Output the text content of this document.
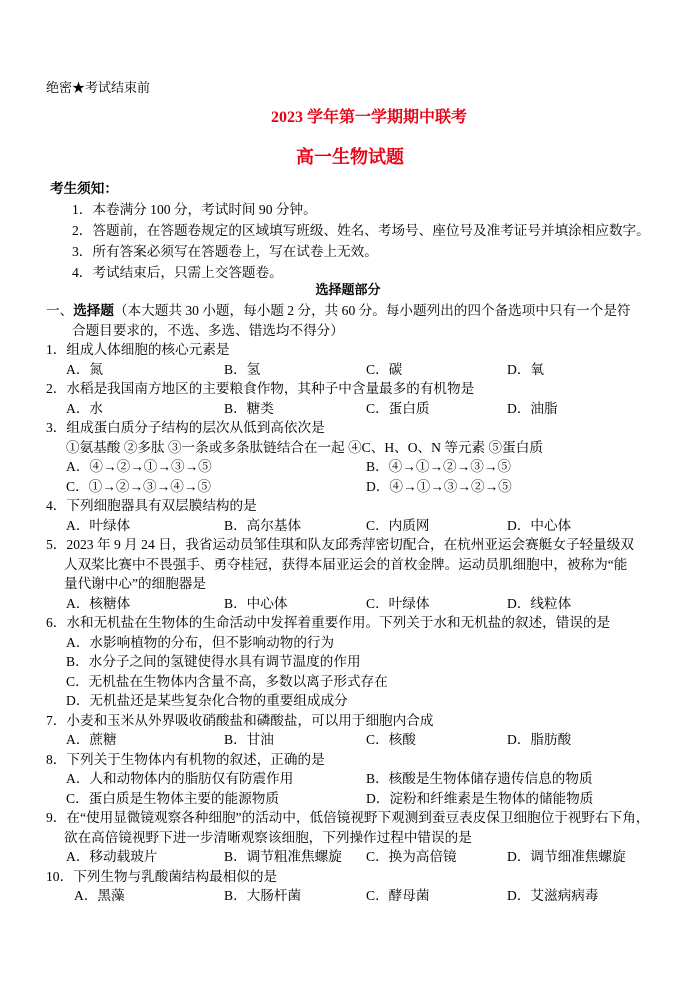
绝密★考试结束前
2023 学年第一学期期中联考
高一生物试题
考生须知：
1．本卷满分 100 分，考试时间 90 分钟。
2．答题前，在答题卷规定的区域填写班级、姓名、考场号、座位号及准考证号并填涂相应数字。
3．所有答案必须写在答题卷上，写在试卷上无效。
4．考试结束后，只需上交答题卷。
选择题部分
一、选择题（本大题共 30 小题，每小题 2 分，共 60 分。每小题列出的四个备选项中只有一个是符
合题目要求的，不选、多选、错选均不得分）
1．组成人体细胞的核心元素是
A．氮	B．氢	C．碳	D．氧
2．水稻是我国南方地区的主要粮食作物，其种子中含量最多的有机物是
A．水	B．糖类	C．蛋白质	D．油脂
3．组成蛋白质分子结构的层次从低到高依次是
①氨基酸 ②多肽 ③一条或多条肽链结合在一起 ④C、H、O、N 等元素 ⑤蛋白质
A．④→②→①→③→⑤	B．④→①→②→③→⑤
C．①→②→③→④→⑤	D．④→①→③→②→⑤
4．下列细胞器具有双层膜结构的是
A．叶绿体	B．高尔基体	C．内质网	D．中心体
5．2023 年 9 月 24 日，我省运动员邹佳琪和队友邱秀萍密切配合，在杭州亚运会赛艇女子轻量级双
人双桨比赛中不畏强手、勇夺桂冠，获得本届亚运会的首枚金牌。运动员肌细胞中，被称为“能
量代谢中心”的细胞器是
A．核糖体	B．中心体	C．叶绿体	D．线粒体
6．水和无机盐在生物体的生命活动中发挥着重要作用。下列关于水和无机盐的叙述，错误的是
A．水影响植物的分布，但不影响动物的行为
B．水分子之间的氢键使得水具有调节温度的作用
C．无机盐在生物体内含量不高，多数以离子形式存在
D．无机盐还是某些复杂化合物的重要组成成分
7．小麦和玉米从外界吸收硝酸盐和磷酸盐，可以用于细胞内合成
A．蔗糖	B．甘油	C．核酸	D．脂肪酸
8．下列关于生物体内有机物的叙述，正确的是
A．人和动物体内的脂肪仅有防震作用	B．核酸是生物体储存遗传信息的物质
C．蛋白质是生物体主要的能源物质	D．淀粉和纤维素是生物体的储能物质
9．在“使用显微镜观察各种细胞”的活动中，低倍镜视野下观测到蚕豆表皮保卫细胞位于视野右下角，
欲在高倍镜视野下进一步清晰观察该细胞，下列操作过程中错误的是
A．移动载玻片	B．调节粗准焦螺旋	C．换为高倍镜	D．调节细准焦螺旋
10．下列生物与乳酸菌结构最相似的是
A．黑藻	B．大肠杆菌	C．酵母菌	D．艾滋病病毒
